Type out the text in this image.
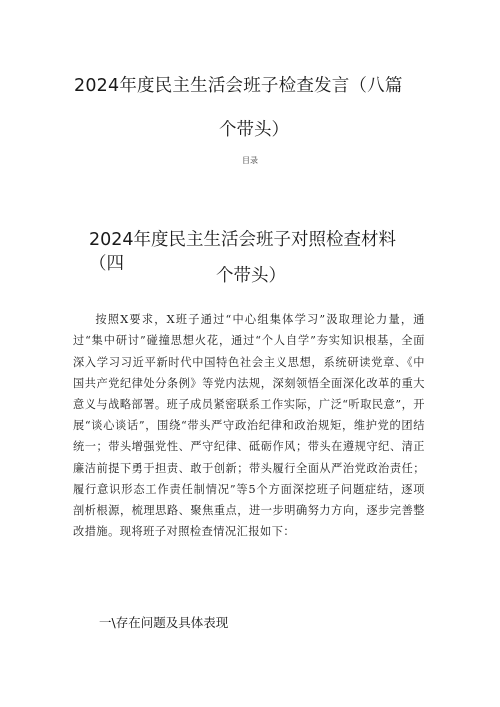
2024年度民主生活会班子检查发言（八篇
个带头）
目录
2024年度民主生活会班子对照检查材料（四
个带头）

按照X要求，X班子通过“中心组集体学习”汲取理论力量，通过“集中研讨”碰撞思想火花，通过“个人自学”夯实知识根基，全面深入学习习近平新时代中国特色社会主义思想，系统研读党章、《中国共产党纪律处分条例》等党内法规，深刻领悟全面深化改革的重大意义与战略部署。班子成员紧密联系工作实际，广泛“听取民意”，开展“谈心谈话”，围绕“带头严守政治纪律和政治规矩，维护党的团结统一；带头增强党性、严守纪律、砥砺作风；带头在遵规守纪、清正廉洁前提下勇于担责、敢于创新；带头履行全面从严治党政治责任；履行意识形态工作责任制情况”等5个方面深挖班子问题症结，逐项剖析根源，梳理思路、聚焦重点，进一步明确努力方向，逐步完善整改措施。现将班子对照检查情况汇报如下：

一\存在问题及具体表现
